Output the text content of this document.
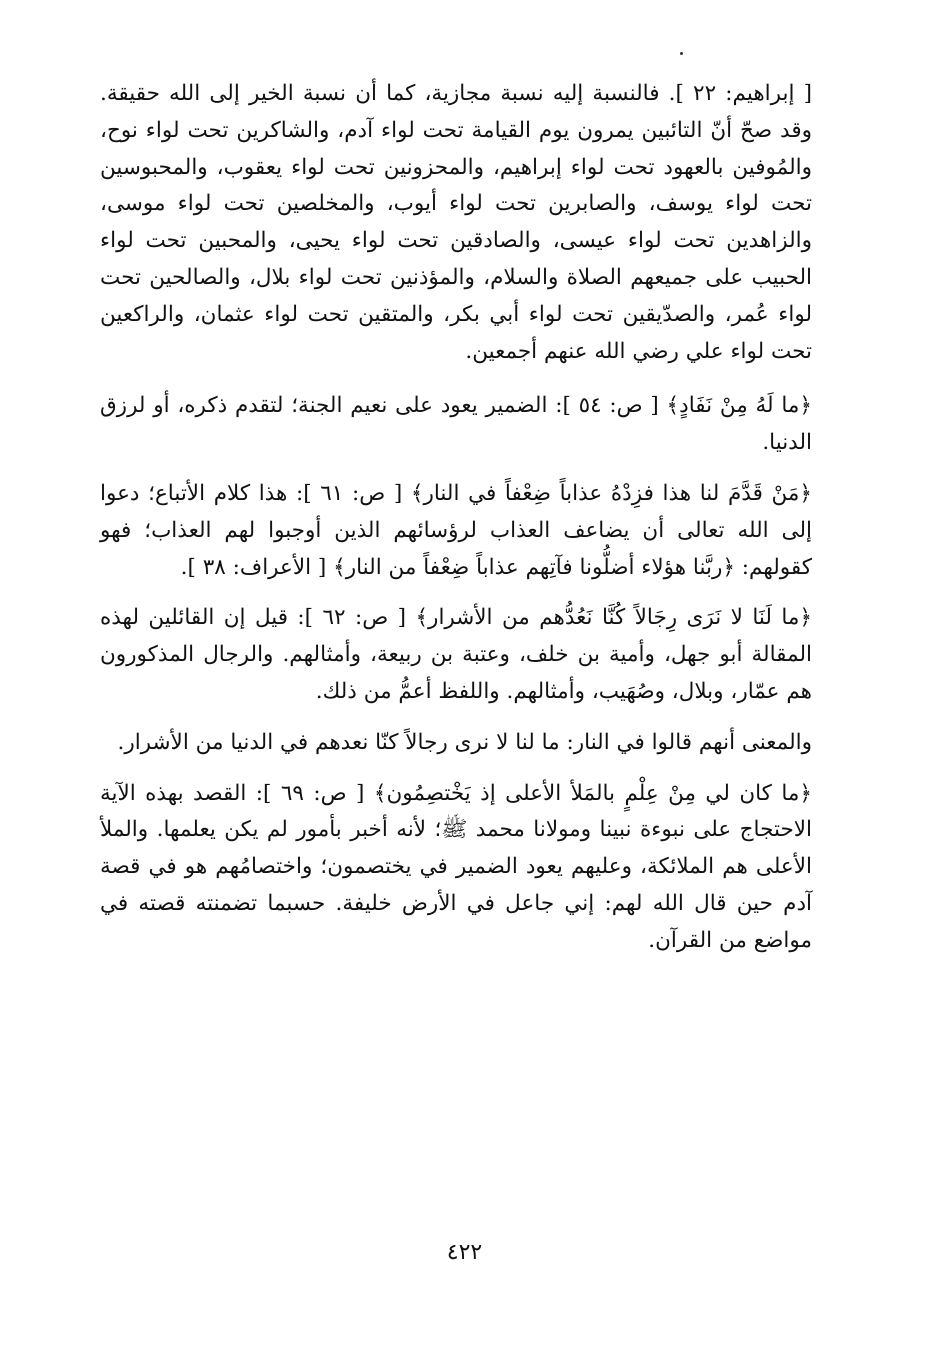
[ إبراهيم: ٢٢ ]. فالنسبة إليه نسبة مجازية، كما أن نسبة الخير إلى الله حقيقة. وقد صحّ أنّ التائبين يمرون يوم القيامة تحت لواء آدم، والشاكرين تحت لواء نوح، والمُوفين بالعهود تحت لواء إبراهيم، والمحزونين تحت لواء يعقوب، والمحبوسين تحت لواء يوسف، والصابرين تحت لواء أيوب، والمخلصين تحت لواء موسى، والزاهدين تحت لواء عيسى، والصادقين تحت لواء يحيى، والمحبين تحت لواء الحبيب على جميعهم الصلاة والسلام، والمؤذنين تحت لواء بلال، والصالحين تحت لواء عُمر، والصدّيقين تحت لواء أبي بكر، والمتقين تحت لواء عثمان، والراكعين تحت لواء علي رضي الله عنهم أجمعين.

﴿ما لَهُ مِنْ نَفَادٍ﴾ [ ص: ٥٤ ]: الضمير يعود على نعيم الجنة؛ لتقدم ذكره، أو لرزق الدنيا.

﴿مَنْ قَدَّمَ لنا هذا فزِدْهُ عذاباً ضِعْفاً في النار﴾ [ ص: ٦١ ]: هذا كلام الأتباع؛ دعوا إلى الله تعالى أن يضاعف العذاب لرؤسائهم الذين أوجبوا لهم العذاب؛ فهو كقولهم: ﴿ربَّنا هؤلاء أضلُّونا فآتِهم عذاباً ضِعْفاً من النار﴾ [ الأعراف: ٣٨ ].

﴿ما لَنَا لا نَرَى رِجَالاً كُنَّا نَعُدُّهم من الأشرار﴾ [ ص: ٦٢ ]: قيل إن القائلين لهذه المقالة أبو جهل، وأمية بن خلف، وعتبة بن ربيعة، وأمثالهم. والرجال المذكورون هم عمّار، وبلال، وصُهَيب، وأمثالهم. واللفظ أعمُّ من ذلك.

والمعنى أنهم قالوا في النار: ما لنا لا نرى رجالاً كنّا نعدهم في الدنيا من الأشرار.

﴿ما كان لي مِنْ عِلْمٍ بالمَلأ الأعلى إذ يَخْتصِمُون﴾ [ ص: ٦٩ ]: القصد بهذه الآية الاحتجاج على نبوءة نبينا ومولانا محمد ﷺ؛ لأنه أخبر بأمور لم يكن يعلمها. والملأ الأعلى هم الملائكة، وعليهم يعود الضمير في يختصمون؛ واختصامُهم هو في قصة آدم حين قال الله لهم: إني جاعل في الأرض خليفة. حسبما تضمنته قصته في مواضع من القرآن.

٤٢٢
